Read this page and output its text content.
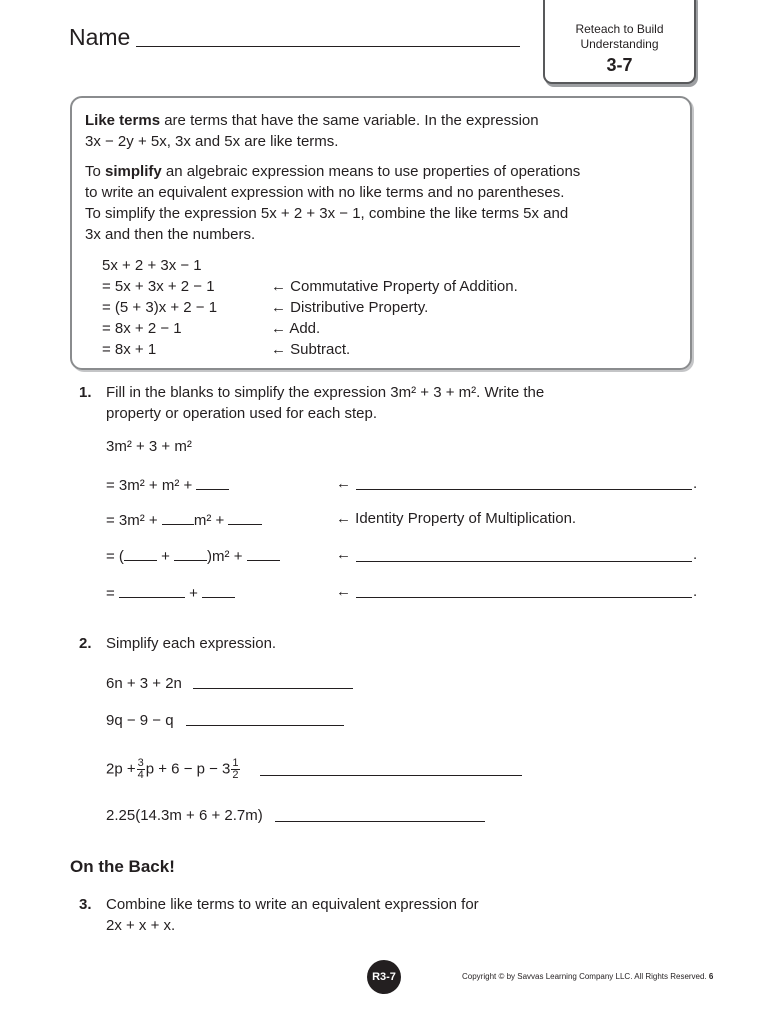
Name	Reteach to Build
Understanding
3-7
Like terms are terms that have the same variable. In the expression
3x − 2y + 5x, 3x and 5x are like terms.
To simplify an algebraic expression means to use properties of operations
to write an equivalent expression with no like terms and no parentheses.
To simplify the expression 5x + 2 + 3x − 1, combine the like terms 5x and
3x and then the numbers.
5x + 2 + 3x − 1
= 5x + 3x + 2 − 1	← Commutative Property of Addition.
= (5 + 3)x + 2 − 1	← Distributive Property.
= 8x + 2 − 1	← Add.
= 8x + 1	← Subtract.
1. Fill in the blanks to simplify the expression 3m² + 3 + m². Write the
property or operation used for each step.
3m² + 3 + m²
= 3m² + m² +	←	.
= 3m² + m² +	← Identity Property of Multiplication.
= ( + )m² +	←	.
=	+	←	.
2. Simplify each expression.
6n + 3 + 2n
9q − 9 − q
$2p + \frac{3}{4}$ $p + 6 - p - 3 \frac{1}{2}$
2.25(14.3m + 6 + 2.7m)
On the Back!
3. Combine like terms to write an equivalent expression for
2x + x + x.
R3-7	Copyright © by Savvas Learning Company LLC. All Rights Reserved. 6
